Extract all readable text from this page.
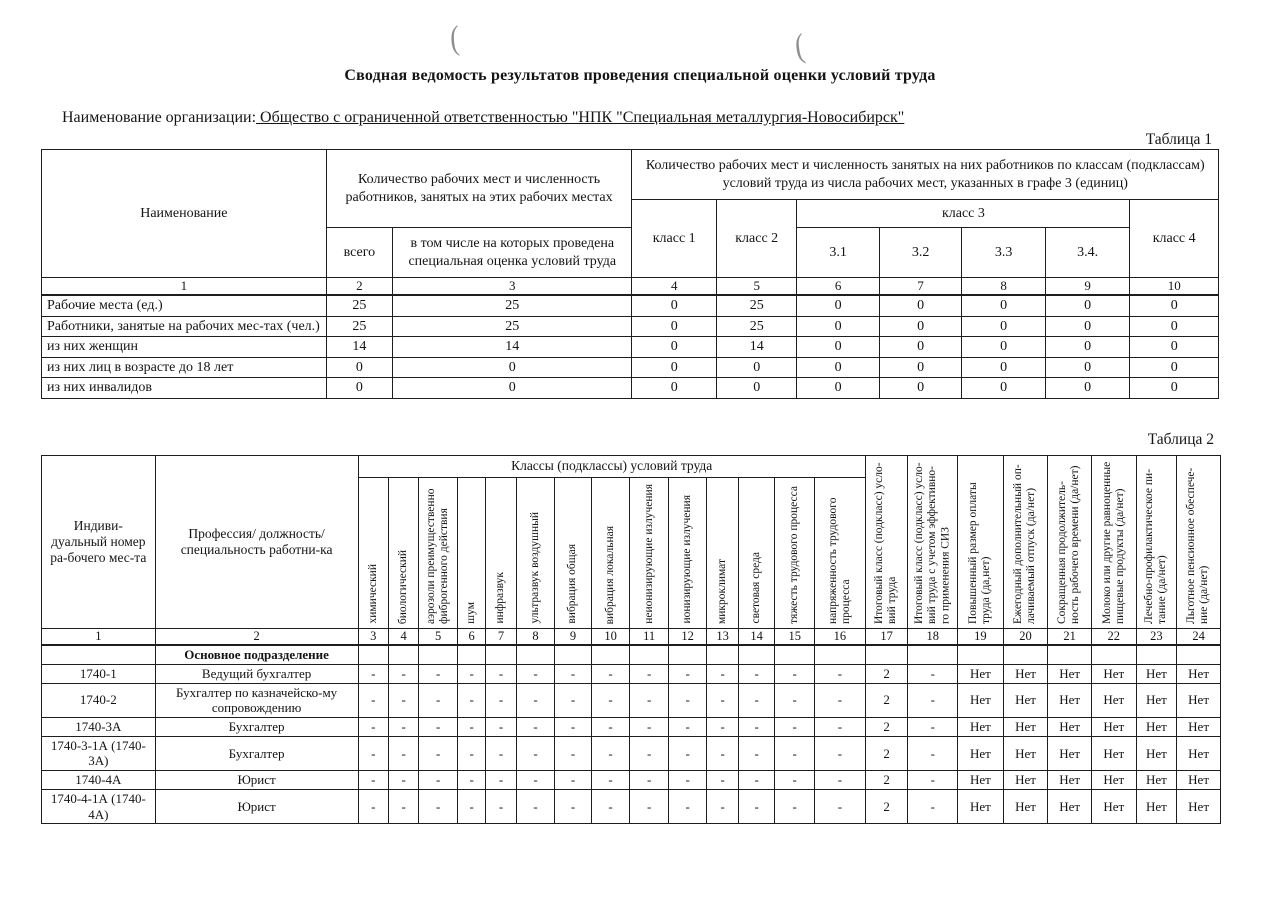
(	(
Сводная ведомость результатов проведения специальной оценки условий труда
Наименование организации: Общество с ограниченной ответственностью "НПК "Специальная металлургия-Новосибирск"
Таблица 1
Наименование	Количество рабочих мест и численность работников, занятых на этих рабочих местах		Количество рабочих мест и численность занятых на них работников по классам (подклассам) условий труда из числа рабочих мест, указанных в графе 3 (единиц)						
			класс 1	класс 2	класс 3				класс 4
	всего	в том числе на которых проведена специальная оценка условий труда			3.1	3.2	3.3	3.4.	
1	2	3	4	5	6	7	8	9	10
Рабочие места (ед.)	25	25	0	25	0	0	0	0	0
Работники, занятые на рабочих мес-тах (чел.)	25	25	0	25	0	0	0	0	0
из них женщин	14	14	0	14	0	0	0	0	0
из них лиц в возрасте до 18 лет	0	0	0	0	0	0	0	0	0
из них инвалидов	0	0	0	0	0	0	0	0	0
Таблица 2
Индиви-дуальный номер ра-бочего мес-та	Профессия/ должность/ специальность работни-ка	Классы (подклассы) условий труда														Итоговый класс (подкласс) усло-вий труда	Итоговый класс (подкласс) усло-вий труда с учетом эффективно-го применения СИЗ	Повышенный размер оплаты труда (да,нет)	Ежегодный дополнительный оп-лачиваемый отпуск (да/нет)	Сокращенная продолжитель-ность рабочего времени (да/нет)	Молоко или другие равноценные пищевые продукты (да/нет)	Лечебно-профилактическое пи-тание (да/нет)	Льготное пенсионное обеспече-ние (да/нет)

		химический	биологический	аэрозоли преимущественно фиброгенного действия	шум	инфразвук	ультразвук воздушный	вибрация общая	вибрация локальная	неионизирующие излучения	ионизирующие излучения	микроклимат	световая среда	тяжесть трудового процесса	напряженность трудового процесса								

1	2	3	4	5	6	7	8	9	10	11	12	13	14	15	16	17	18	19	20	21	22	23	24
	Основное подразделение																						
1740-1	Ведущий бухгалтер	-	-	-	-	-	-	-	-	-	-	-	-	-	-	2	-	Нет	Нет	Нет	Нет	Нет	Нет
1740-2	Бухгалтер по казначейско-му сопровождению	-	-	-	-	-	-	-	-	-	-	-	-	-	-	2	-	Нет	Нет	Нет	Нет	Нет	Нет
1740-3А	Бухгалтер	-	-	-	-	-	-	-	-	-	-	-	-	-	-	2	-	Нет	Нет	Нет	Нет	Нет	Нет
1740-3-1А (1740-3А)	Бухгалтер	-	-	-	-	-	-	-	-	-	-	-	-	-	-	2	-	Нет	Нет	Нет	Нет	Нет	Нет
1740-4А	Юрист	-	-	-	-	-	-	-	-	-	-	-	-	-	-	2	-	Нет	Нет	Нет	Нет	Нет	Нет
1740-4-1А (1740-4А)	Юрист	-	-	-	-	-	-	-	-	-	-	-	-	-	-	2	-	Нет	Нет	Нет	Нет	Нет	Нет
